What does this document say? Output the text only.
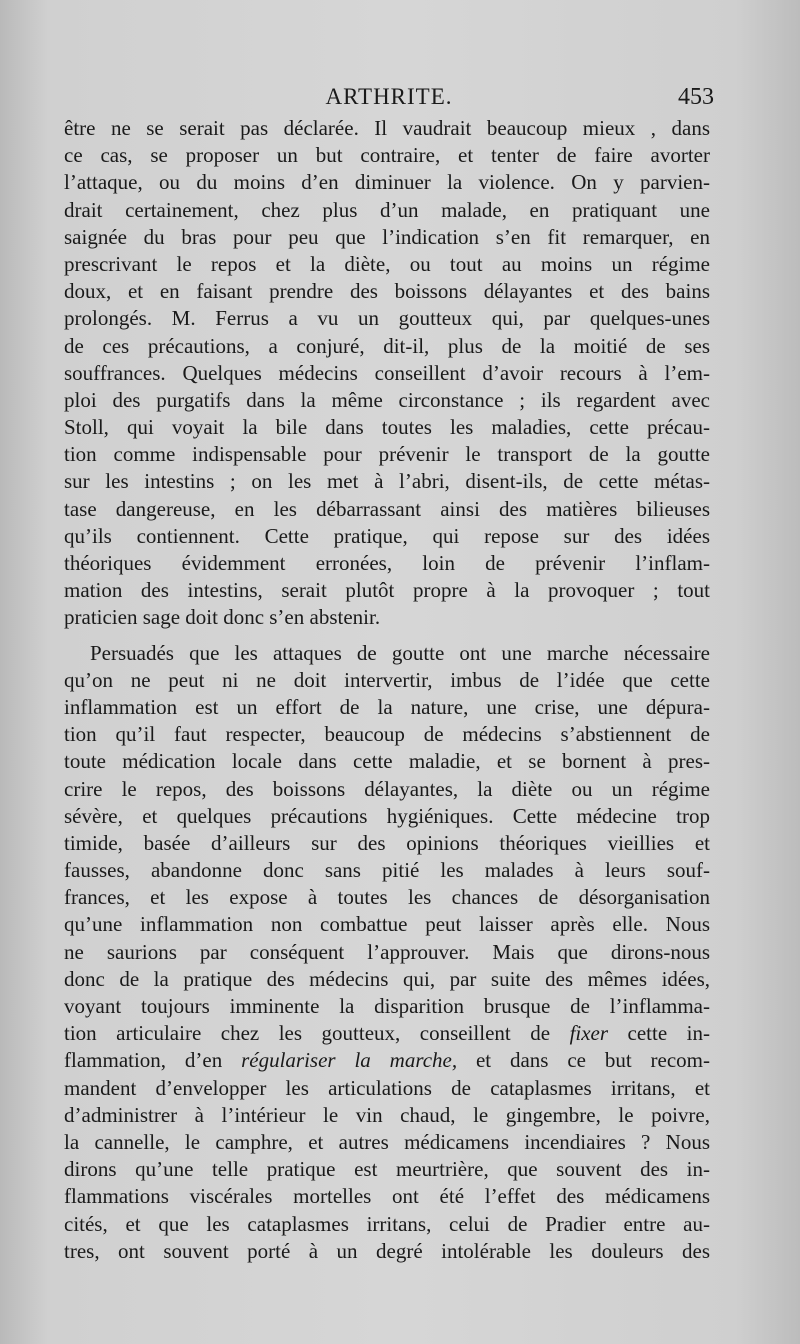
ARTHRITE.	453
être ne se serait pas déclarée. Il vaudrait beaucoup mieux , dans
ce cas, se proposer un but contraire, et tenter de faire avorter
l’attaque, ou du moins d’en diminuer la violence. On y parvien-
drait certainement, chez plus d’un malade, en pratiquant une
saignée du bras pour peu que l’indication s’en fit remarquer, en
prescrivant le repos et la diète, ou tout au moins un régime
doux, et en faisant prendre des boissons délayantes et des bains
prolongés. M. Ferrus a vu un goutteux qui, par quelques-unes
de ces précautions, a conjuré, dit-il, plus de la moitié de ses
souffrances. Quelques médecins conseillent d’avoir recours à l’em-
ploi des purgatifs dans la même circonstance ; ils regardent avec
Stoll, qui voyait la bile dans toutes les maladies, cette précau-
tion comme indispensable pour prévenir le transport de la goutte
sur les intestins ; on les met à l’abri, disent-ils, de cette métas-
tase dangereuse, en les débarrassant ainsi des matières bilieuses
qu’ils contiennent. Cette pratique, qui repose sur des idées
théoriques évidemment erronées, loin de prévenir l’inflam-
mation des intestins, serait plutôt propre à la provoquer ; tout
praticien sage doit donc s’en abstenir.
Persuadés que les attaques de goutte ont une marche nécessaire
qu’on ne peut ni ne doit intervertir, imbus de l’idée que cette
inflammation est un effort de la nature, une crise, une dépura-
tion qu’il faut respecter, beaucoup de médecins s’abstiennent de
toute médication locale dans cette maladie, et se bornent à pres-
crire le repos, des boissons délayantes, la diète ou un régime
sévère, et quelques précautions hygiéniques. Cette médecine trop
timide, basée d’ailleurs sur des opinions théoriques vieillies et
fausses, abandonne donc sans pitié les malades à leurs souf-
frances, et les expose à toutes les chances de désorganisation
qu’une inflammation non combattue peut laisser après elle. Nous
ne saurions par conséquent l’approuver. Mais que dirons-nous
donc de la pratique des médecins qui, par suite des mêmes idées,
voyant toujours imminente la disparition brusque de l’inflamma-
tion articulaire chez les goutteux, conseillent de fixer cette in-
flammation, d’en régulariser la marche, et dans ce but recom-
mandent d’envelopper les articulations de cataplasmes irritans, et
d’administrer à l’intérieur le vin chaud, le gingembre, le poivre,
la cannelle, le camphre, et autres médicamens incendiaires ? Nous
dirons qu’une telle pratique est meurtrière, que souvent des in-
flammations viscérales mortelles ont été l’effet des médicamens
cités, et que les cataplasmes irritans, celui de Pradier entre au-
tres, ont souvent porté à un degré intolérable les douleurs des
